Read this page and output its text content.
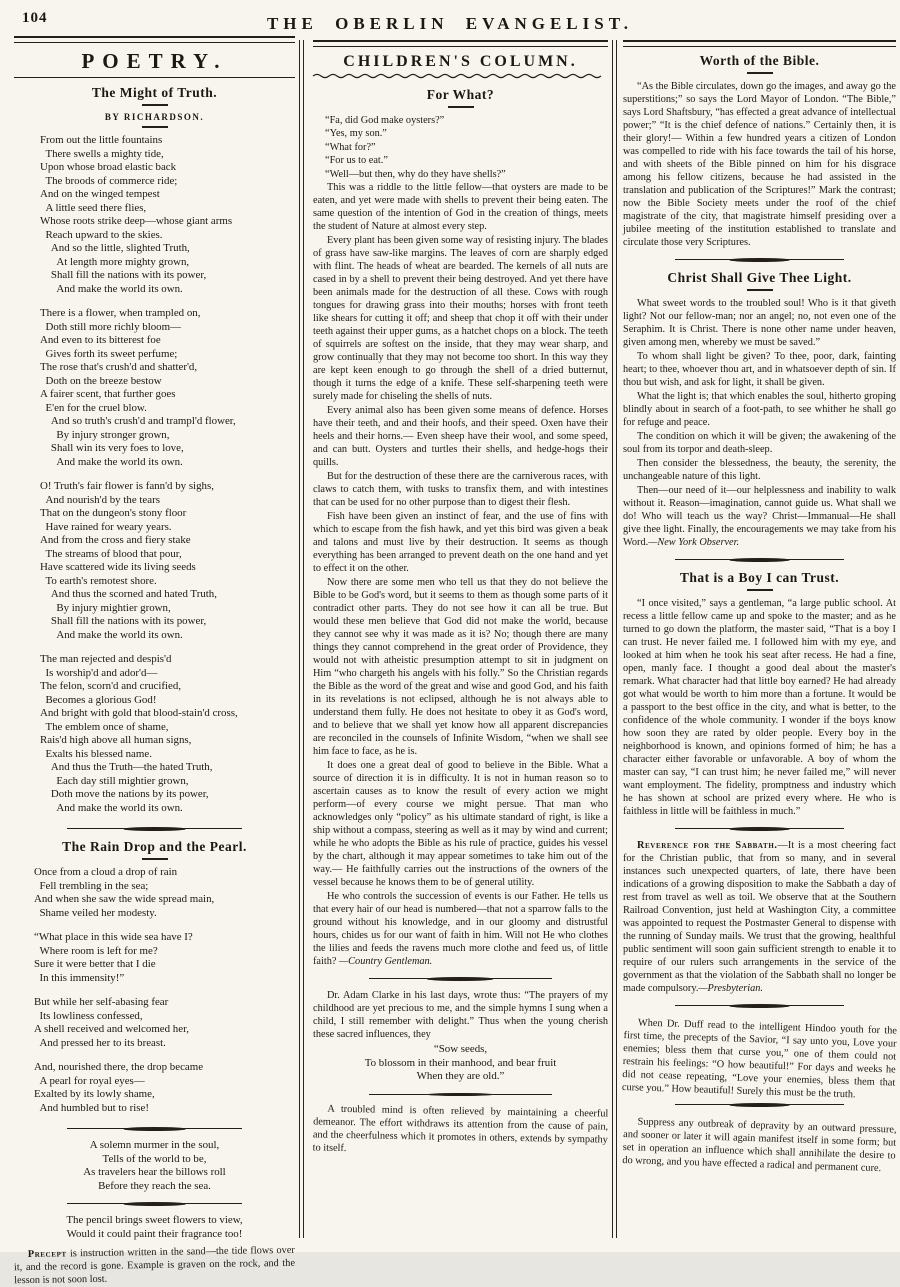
104	THE OBERLIN EVANGELIST.
POETRY.
The Might of Truth.
BY RICHARDSON.
From out the little fountains
There swells a mighty tide,
Upon whose broad elastic back
The broods of commerce ride;
And on the winged tempest
A little seed there flies,
Whose roots strike deep—whose giant arms
Reach upward to the skies.
And so the little, slighted Truth,
At length more mighty grown,
Shall fill the nations with its power,
And make the world its own.
There is a flower, when trampled on,
Doth still more richly bloom—
And even to its bitterest foe
Gives forth its sweet perfume;
The rose that's crush'd and shatter'd,
Doth on the breeze bestow
A fairer scent, that further goes
E'en for the cruel blow.
And so truth's crush'd and trampl'd flower,
By injury stronger grown,
Shall win its very foes to love,
And make the world its own.
O! Truth's fair flower is fann'd by sighs,
And nourish'd by the tears
That on the dungeon's stony floor
Have rained for weary years.
And from the cross and fiery stake
The streams of blood that pour,
Have scattered wide its living seeds
To earth's remotest shore.
And thus the scorned and hated Truth,
By injury mightier grown,
Shall fill the nations with its power,
And make the world its own.
The man rejected and despis'd
Is worship'd and ador'd—
The felon, scorn'd and crucified,
Becomes a glorious God!
And bright with gold that blood-stain'd cross,
The emblem once of shame,
Rais'd high above all human signs,
Exalts his blessed name.
And thus the Truth—the hated Truth,
Each day still mightier grown,
Doth move the nations by its power,
And make the world its own.
The Rain Drop and the Pearl.
Once from a cloud a drop of rain
Fell trembling in the sea;
And when she saw the wide spread main,
Shame veiled her modesty.
“What place in this wide sea have I?
Where room is left for me?
Sure it were better that I die
In this immensity!”
But while her self-abasing fear
Its lowliness confessed,
A shell received and welcomed her,
And pressed her to its breast.
And, nourished there, the drop became
A pearl for royal eyes—
Exalted by its lowly shame,
And humbled but to rise!
A solemn murmer in the soul,
Tells of the world to be,
As travelers hear the billows roll
Before they reach the sea.
The pencil brings sweet flowers to view,
Would it could paint their fragrance too!

Precept is instruction written in the sand—the tide flows over it, and the record is gone. Example is graven on the rock, and the lesson is not soon lost.

CHILDREN'S COLUMN.
For What?
“Fa, did God make oysters?”
“Yes, my son.”
“What for?”
“For us to eat.”
“Well—but then, why do they have shells?”

This was a riddle to the little fellow—that oysters are made to be eaten, and yet were made with shells to prevent their being eaten. The same question of the intention of God in the creation of things, meets the student of Nature at almost every step.

Every plant has been given some way of resisting injury. The blades of grass have saw-like margins. The leaves of corn are sharply edged with flint. The heads of wheat are bearded. The kernels of all nuts are cased in by a shell to prevent their being destroyed. And yet there have been animals made for the destruction of all these. Cows with rough tongues for drawing grass into their mouths; horses with front teeth like shears for cutting it off; and sheep that chop it off with their under teeth against their upper gums, as a hatchet chops on a block. The teeth of squirrels are softest on the inside, that they may wear sharp, and grow continually that they may not become too short. In this way they are kept keen enough to go through the shell of a dried butternut, though it turns the edge of a knife. These self-sharpening teeth were surely made for chiseling the shells of nuts.

Every animal also has been given some means of defence. Horses have their teeth, and and their hoofs, and their speed. Oxen have their heels and their horns.— Even sheep have their wool, and some speed, and can butt. Oysters and turtles their shells, and hedge-hogs their quills.

But for the destruction of these there are the carniverous races, with claws to catch them, with tusks to transfix them, and with intestines that can be used for no other purpose than to digest their flesh.

Fish have been given an instinct of fear, and the use of fins with which to escape from the fish hawk, and yet this bird was given a beak and talons and must live by their destruction. It seems as though everything has been arranged to prevent death on the one hand and yet to effect it on the other.

Now there are some men who tell us that they do not believe the Bible to be God's word, but it seems to them as though some parts of it contradict other parts. They do not see how it can all be true. But would these men believe that God did not make the world, because they cannot see why it was made as it is? No; though there are many things they cannot comprehend in the great order of Providence, they would not with atheistic presumption attempt to sit in judgment on Him “who chargeth his angels with his folly.” So the Christian regards the Bible as the word of the great and wise and good God, and his faith in its revelations is not eclipsed, although he is not always able to understand them fully. He does not hesitate to obey it as God's word, and to believe that we shall yet know how all apparent discrepancies are reconciled in the counsels of Infinite Wisdom, “when we shall see him face to face, as he is.

It does one a great deal of good to believe in the Bible. What a source of direction it is in difficulty. It is not in human reason so to ascertain causes as to know the result of every action we might perform—of every course we might persue. That man who acknowledges only “policy” as his ultimate standard of right, is like a ship without a compass, steering as well as it may by wind and current; while he who adopts the Bible as his rule of practice, guides his vessel by the chart, although it may appear sometimes to take him out of the way.— He faithfully carries out the instructions of the owners of the vessel because he knows them to be of general utility.

He who controls the succession of events is our Father. He tells us that every hair of our head is numbered—that not a sparrow falls to the ground without his knowledge, and in our gloomy and distrustful hours, chides us for our want of faith in him. Will not He who clothes the lilies and feeds the ravens much more clothe and feed us, of little faith? —Country Gentleman.

Dr. Adam Clarke in his last days, wrote thus: “The prayers of my childhood are yet precious to me, and the simple hymns I sung when a child, I still remember with delight.” Thus when the young cherish these sacred influences, they

“Sow seeds,
To blossom in their manhood, and bear fruit
When they are old.”

A troubled mind is often relieved by maintaining a cheerful demeanor. The effort withdraws its attention from the cause of pain, and the cheerfulness which it promotes in others, extends by sympathy to itself.

Worth of the Bible.

“As the Bible circulates, down go the images, and away go the superstitions;” so says the Lord Mayor of London. “The Bible,” says Lord Shaftsbury, “has effected a great advance of intellectual power;” “It is the chief defence of nations.” Certainly then, it is their glory!— Within a few hundred years a citizen of London was compelled to ride with his face towards the tail of his horse, and with sheets of the Bible pinned on him for his disgrace among his fellow citizens, because he had assisted in the translation and publication of the Scriptures!” Mark the contrast; now the Bible Society meets under the roof of the chief magistrate of the city, that magistrate himself presiding over a jubilee meeting of the institution established to translate and circulate those very Scriptures.

Christ Shall Give Thee Light.

What sweet words to the troubled soul! Who is it that giveth light? Not our fellow-man; nor an angel; no, not even one of the Seraphim. It is Christ. There is none other name under heaven, given among men, whereby we must be saved.”

To whom shall light be given? To thee, poor, dark, fainting heart; to thee, whoever thou art, and in whatsoever depth of sin. If thou but wish, and ask for light, it shall be given.

What the light is; that which enables the soul, hitherto groping blindly about in search of a foot-path, to see whither he shall go for refuge and peace.

The condition on which it will be given; the awakening of the soul from its torpor and death-sleep.

Then consider the blessedness, the beauty, the serenity, the unchangeable nature of this light.

Then—our need of it—our helplessness and inability to walk without it. Reason—imagination, cannot guide us. What shall we do! Who will teach us the way? Christ—Immanual—He shall give thee light. Finally, the encouragements we may take from his Word.—New York Observer.

That is a Boy I can Trust.

“I once visited,” says a gentleman, “a large public school. At recess a little fellow came up and spoke to the master; and as he turned to go down the platform, the master said, “That is a boy I can trust. He never failed me. I followed him with my eye, and looked at him when he took his seat after recess. He had a fine, open, manly face. I thought a good deal about the master's remark. What character had that little boy earned? He had already got what would be worth to him more than a fortune. It would be a passport to the best office in the city, and what is better, to the confidence of the whole community. I wonder if the boys know how soon they are rated by older people. Every boy in the neighborhood is known, and opinions formed of him; he has a character either favorable or unfavorable. A boy of whom the master can say, “I can trust him; he never failed me,” will never want employment. The fidelity, promptness and industry which he has shown at school are prized every where. He who is faithless in little will be faithless in much.”

Reverence for the Sabbath.—It is a most cheering fact for the Christian public, that from so many, and in several instances such unexpected quarters, of late, there have been indications of a growing disposition to make the Sabbath a day of rest from travel as well as toil. We observe that at the Southern Railroad Convention, just held at Washington City, a committee was appointed to request the Postmaster General to dispense with the running of Sunday mails. We trust that the growing, healthful public sentiment will soon gain sufficient strength to enable it to require of our rulers such arrangements in the service of the government as that the violation of the Sabbath shall no longer be made compulsory.—Presbyterian.

When Dr. Duff read to the intelligent Hindoo youth for the first time, the precepts of the Savior, “I say unto you, Love your enemies; bless them that curse you,” one of them could not restrain his feelings: “O how beautiful!” For days and weeks he did not cease repeating, “Love your enemies, bless them that curse you.” How beautiful! Surely this must be the truth.

Suppress any outbreak of depravity by an outward pressure, and sooner or later it will again manifest itself in some form; but set in operation an influence which shall annihilate the desire to do wrong, and you have effected a radical and permanent cure.
